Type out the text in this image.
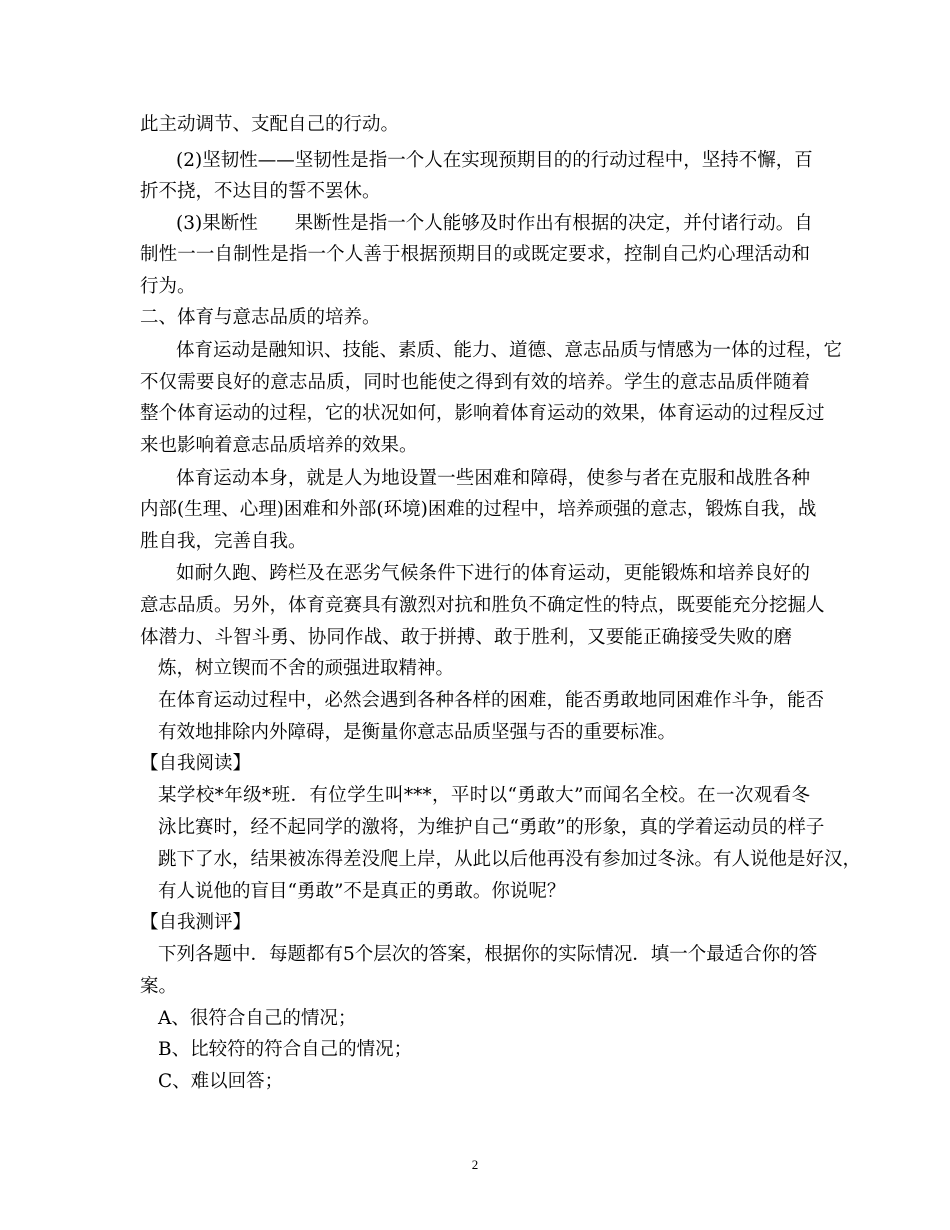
此主动调节、支配自己的行动。
(2)坚韧性——坚韧性是指一个人在实现预期目的的行动过程中，坚持不懈，百
折不挠，不达目的誓不罢休。
(3)果断性　　果断性是指一个人能够及时作出有根据的决定，并付诸行动。自
制性一一自制性是指一个人善于根据预期目的或既定要求，控制自己灼心理活动和
行为。
二、体育与意志品质的培养。
体育运动是融知识、技能、素质、能力、道德、意志品质与情感为一体的过程，它
不仅需要良好的意志品质，同时也能使之得到有效的培养。学生的意志品质伴随着
整个体育运动的过程，它的状况如何，影响着体育运动的效果，体育运动的过程反过
来也影响着意志品质培养的效果。
体育运动本身，就是人为地设置一些困难和障碍，使参与者在克服和战胜各种
内部(生理、心理)困难和外部(环境)困难的过程中，培养顽强的意志，锻炼自我，战
胜自我，完善自我。
如耐久跑、跨栏及在恶劣气候条件下进行的体育运动，更能锻炼和培养良好的
意志品质。另外，体育竞赛具有激烈对抗和胜负不确定性的特点，既要能充分挖掘人
体潜力、斗智斗勇、协同作战、敢于拼搏、敢于胜利，又要能正确接受失败的磨
炼，树立锲而不舍的顽强进取精神。
在体育运动过程中，必然会遇到各种各样的困难，能否勇敢地同困难作斗争，能否
有效地排除内外障碍，是衡量你意志品质坚强与否的重要标准。
【自我阅读】
某学校*年级*班．有位学生叫***，平时以“勇敢大”而闻名全校。在一次观看冬
泳比赛时，经不起同学的激将，为维护自己“勇敢”的形象，真的学着运动员的样子
跳下了水，结果被冻得差没爬上岸，从此以后他再没有参加过冬泳。有人说他是好汉，
有人说他的盲目“勇敢”不是真正的勇敢。你说呢？
【自我测评】
下列各题中．每题都有5个层次的答案，根据你的实际情况．填一个最适合你的答
案。
A、很符合自己的情况；
B、比较符的符合自己的情况；
C、难以回答；
2
